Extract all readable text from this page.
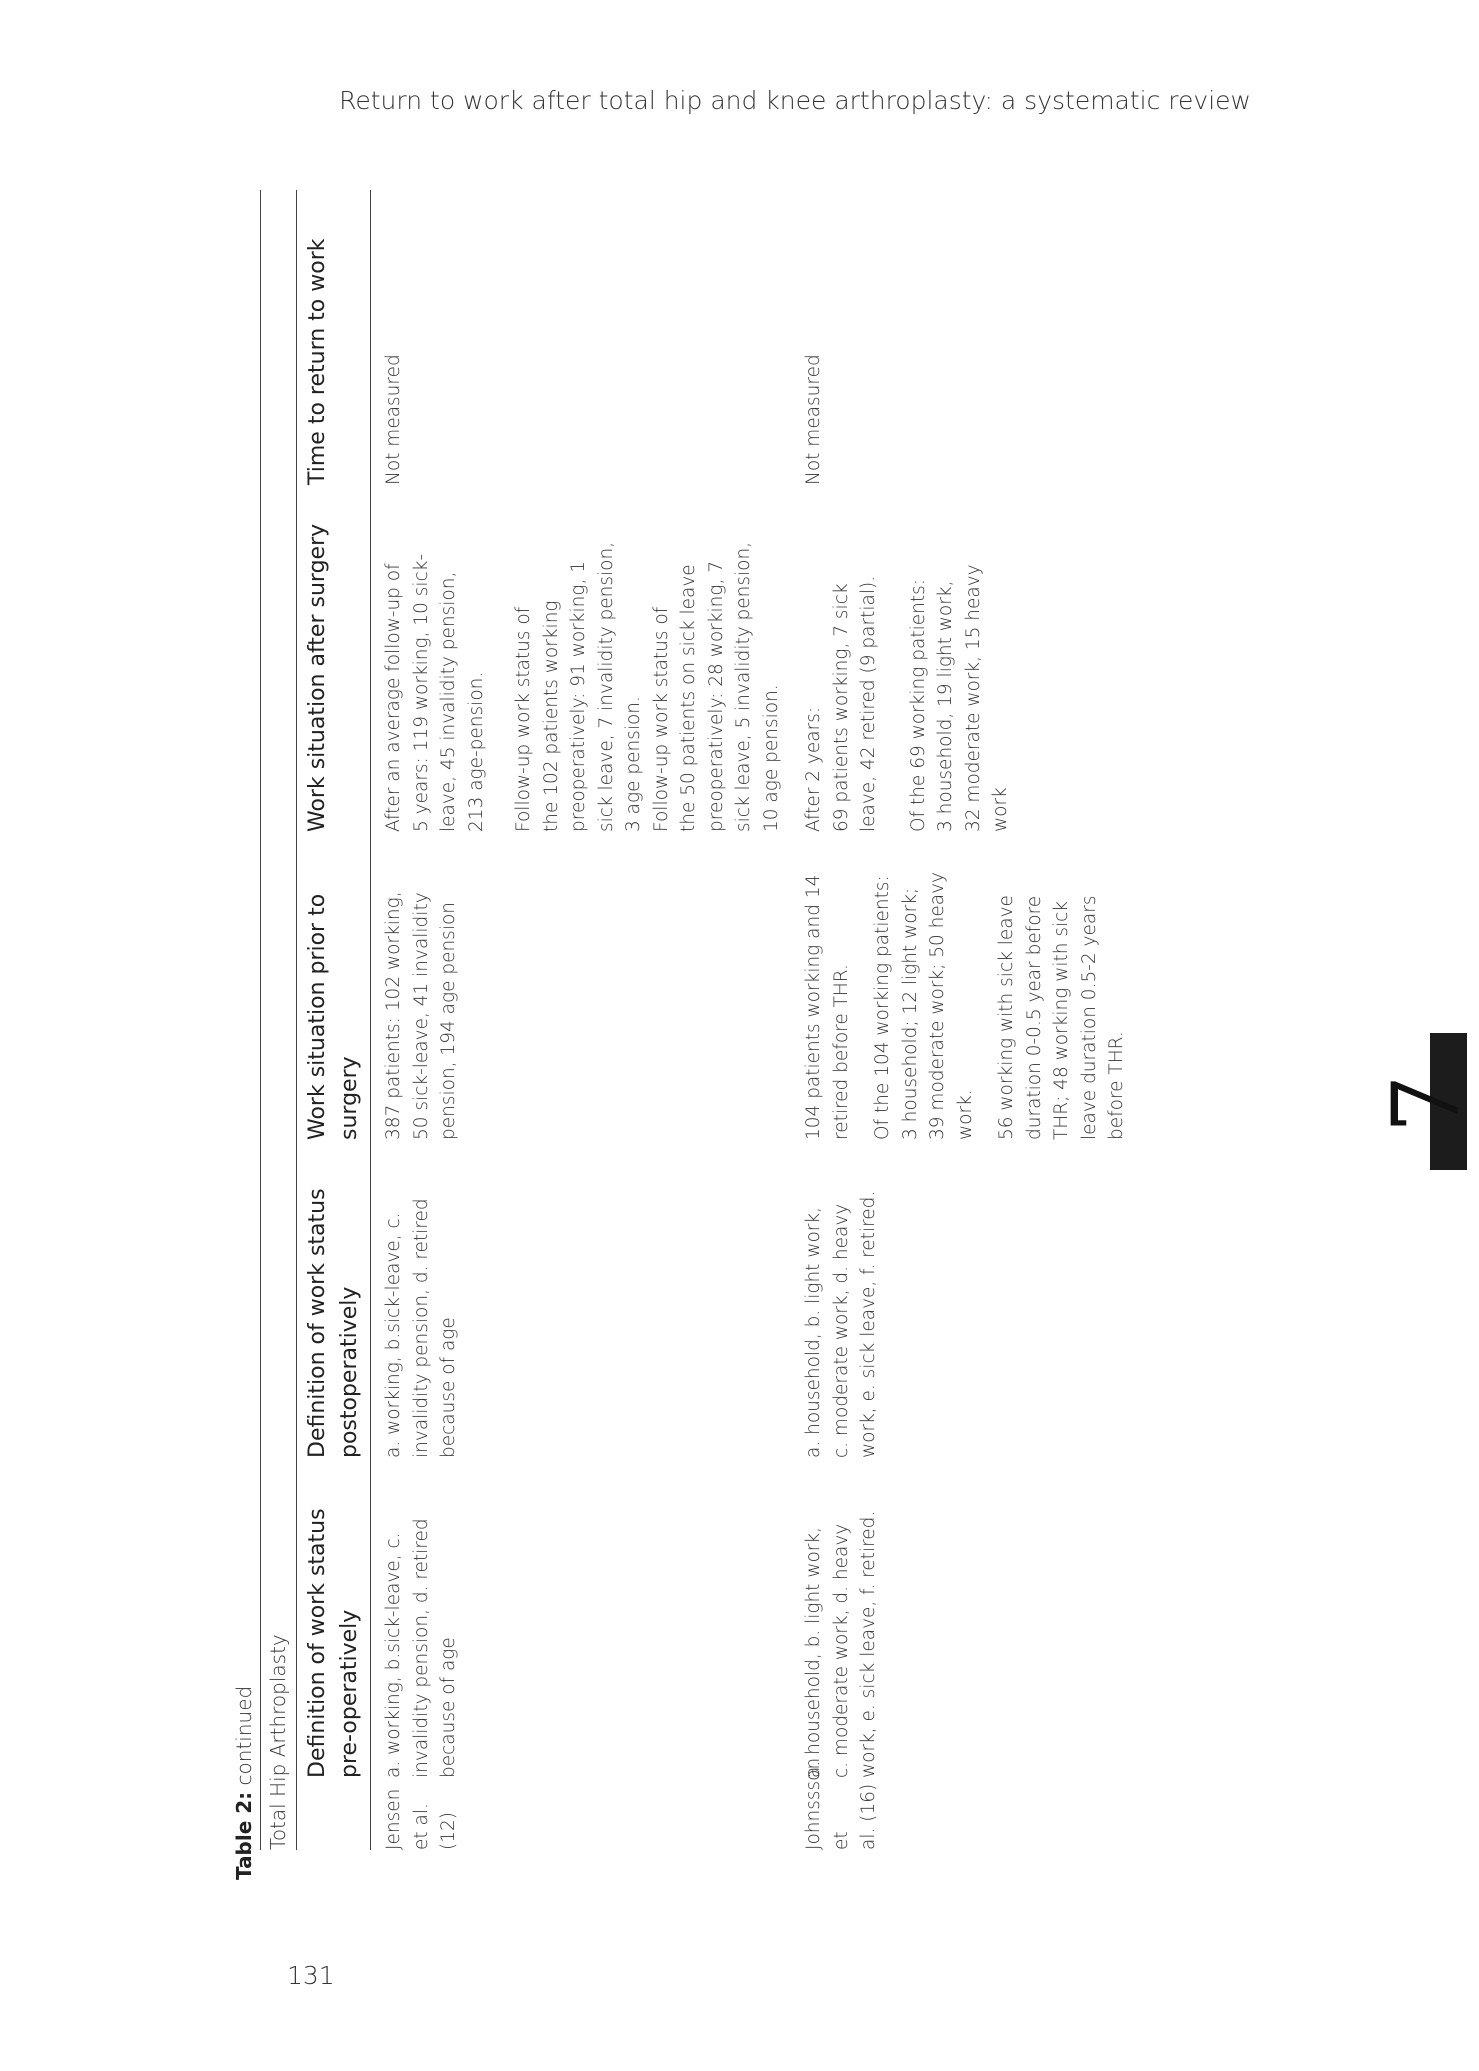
Return to work after total hip and knee arthroplasty: a systematic review
Table 2: continued Total Hip Arthroplasty Definition of work status pre-operatively
Definition of work status postoperatively
Work situation prior to surgery
Work situation after surgery
Time to return to work
Jensen et al.
(12)
a. working, b.sick-leave, c.
invalidity pension, d. retired
because of age
a. working, b.sick-leave, c.
invalidity pension, d. retired
because of age

387 patients: 102 working,
50 sick-leave, 41 invalidity
pension, 194 age pension

After an average follow-up of
5 years: 119 working, 10 sick-
leave, 45 invalidity pension,
213 age-pension. Follow-up work status of
the 102 patients working
preoperatively: 91 working, 1
sick leave, 7 invalidity pension,
3 age pension.
Follow-up work status of
the 50 patients on sick leave
preoperatively: 28 working, 7
sick leave, 5 invalidity pension,
10 age pension.

Not measured
Johnssson et
al. (16)
a. household, b. light work,
c. moderate work, d. heavy
work, e. sick leave, f. retired.
a. household, b. light work,
c. moderate work, d. heavy
work, e. sick leave, f. retired.

104 patients working and 14
retired before THR.

Of the 104 working patients:
3 household; 12 light work;
39 moderate work; 50 heavy
work. 56 working with sick leave
duration 0-0.5 year before
THR; 48 working with sick
leave duration 0.5-2 years
before THR.

After 2 years:
69 patients working, 7 sick
leave, 42 retired (9 partial).

Of the 69 working patients:
3 household, 19 light work,
32 moderate work, 15 heavy
work

Not measured
7
131
